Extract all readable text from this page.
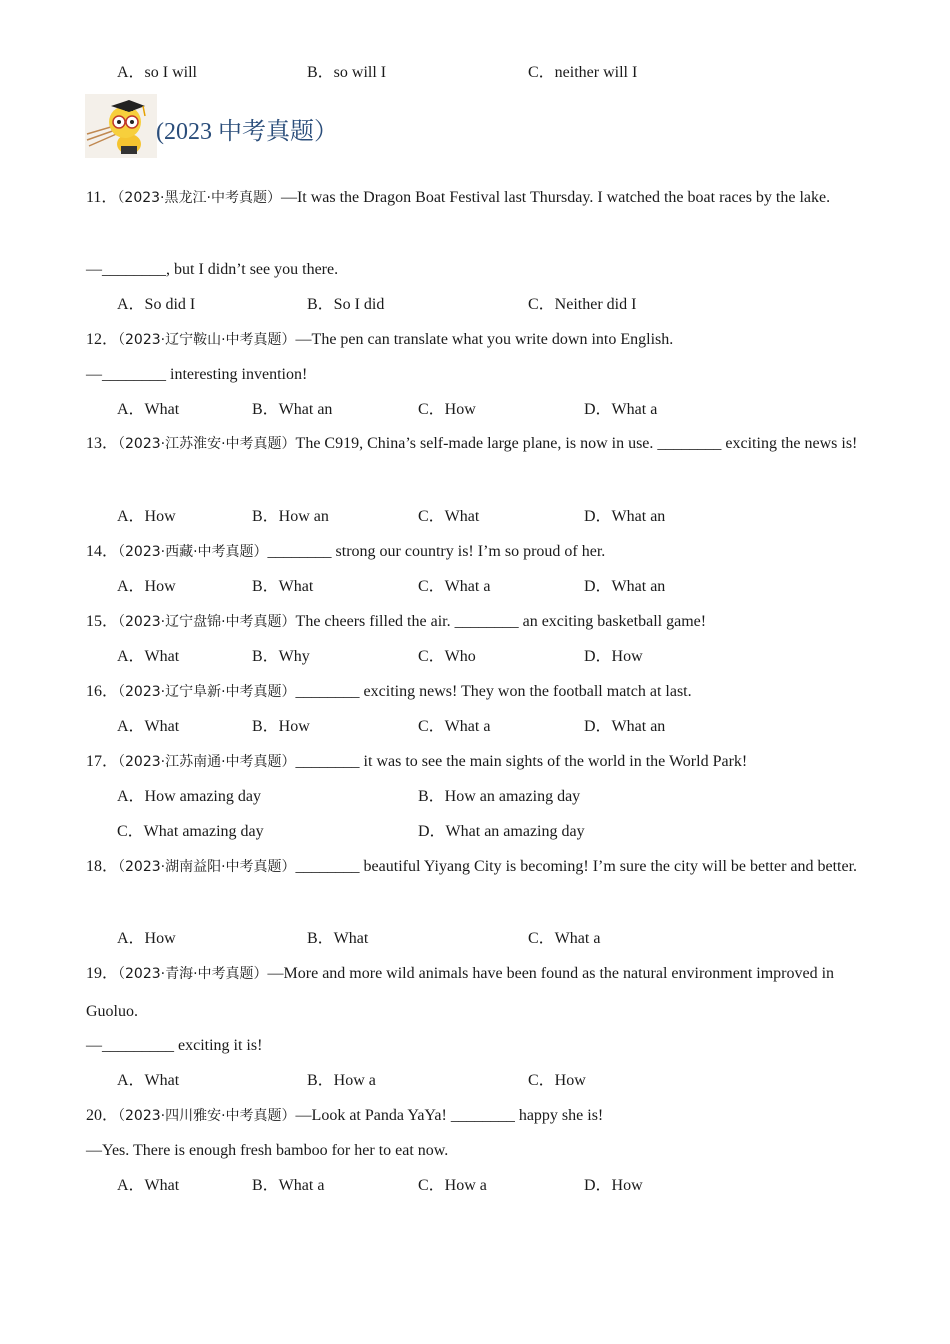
A．so I will	B．so will I	C．neither will I
(2023 中考真题）
11．（2023·黑龙江·中考真题）—It was the Dragon Boat Festival last Thursday. I watched the boat races by the lake.
—________, but I didn’t see you there.
A．So did I	B．So I did	C．Neither did I
12．（2023·辽宁鞍山·中考真题）—The pen can translate what you write down into English.
—________ interesting invention!
A．What	B．What an	C．How	D．What a
13．（2023·江苏淮安·中考真题）The C919, China’s self-made large plane, is now in use. ________ exciting the news is!
A．How	B．How an	C．What	D．What an
14．（2023·西藏·中考真题）________ strong our country is! I’m so proud of her.
A．How	B．What	C．What a	D．What an
15．（2023·辽宁盘锦·中考真题）The cheers filled the air. ________ an exciting basketball game!
A．What	B．Why	C．Who	D．How
16．（2023·辽宁阜新·中考真题）________ exciting news! They won the football match at last.
A．What	B．How	C．What a	D．What an
17．（2023·江苏南通·中考真题）________ it was to see the main sights of the world in the World Park!
A．How amazing day	B．How an amazing day
C．What amazing day	D．What an amazing day
18．（2023·湖南益阳·中考真题）________ beautiful Yiyang City is becoming! I’m sure the city will be better and better.
A．How	B．What	C．What a
19．（2023·青海·中考真题）—More and more wild animals have been found as the natural environment improved in Guoluo.
—_________ exciting it is!
A．What	B．How a	C．How
20．（2023·四川雅安·中考真题）—Look at Panda YaYa! ________ happy she is!
—Yes. There is enough fresh bamboo for her to eat now.
A．What	B．What a	C．How a	D．How
